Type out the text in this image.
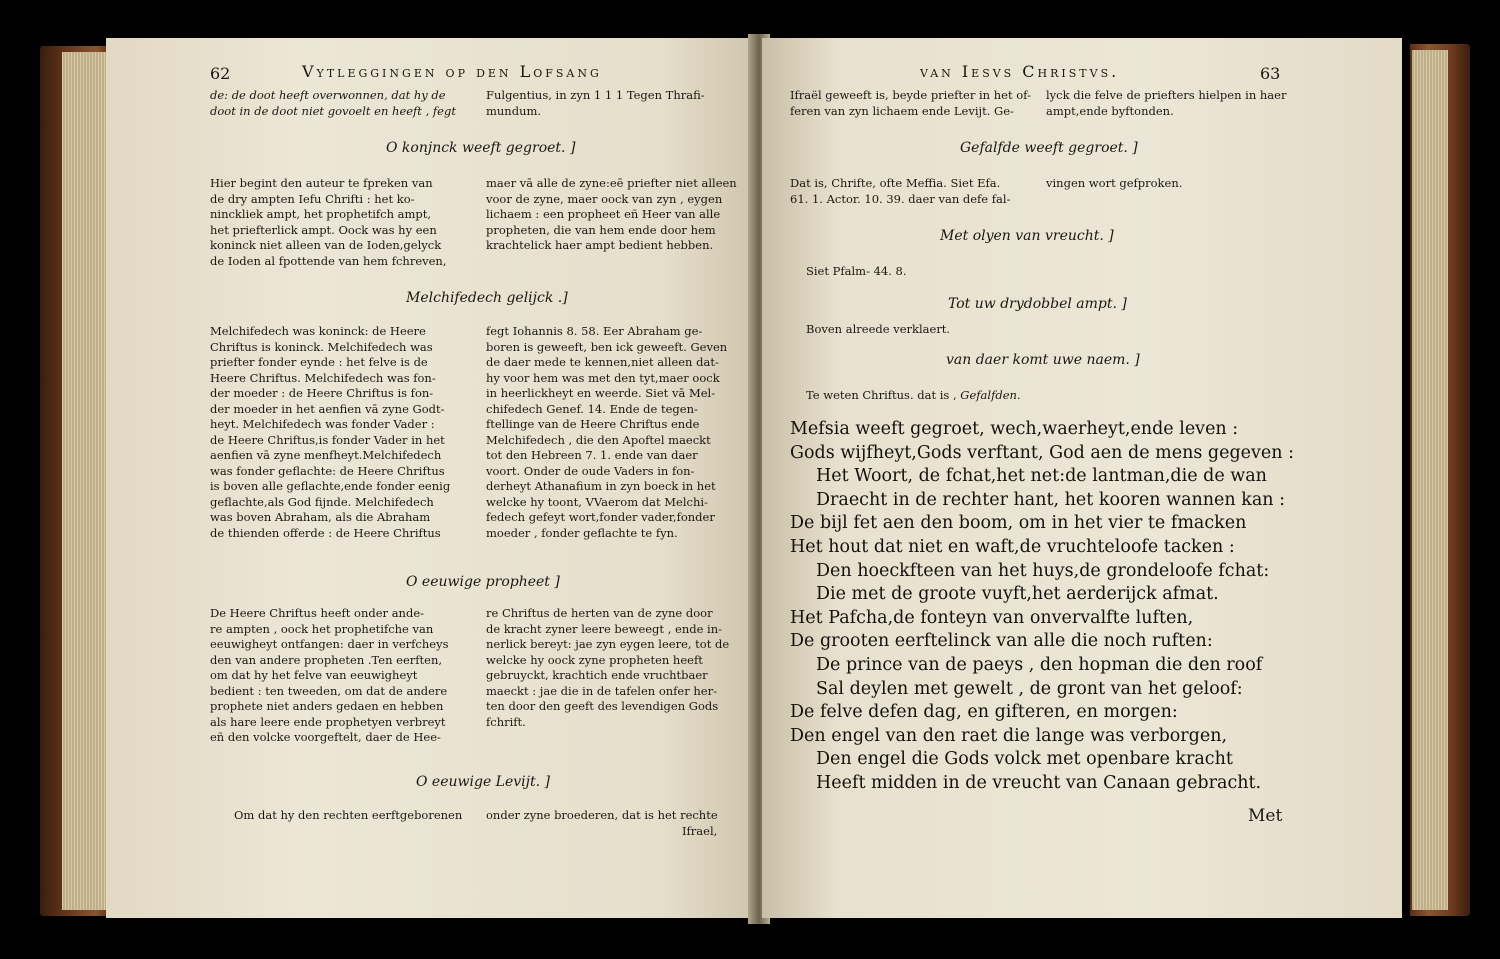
62	Vytleggingen op den Lofsang
de: de doot heeft overwonnen, dat hy de
doot in de doot niet govoelt en heeft , fegt
Fulgentius, in zyn 1 1 1 Tegen Thrafi-
mundum.
O konjnck weeft gegroet. ]
Hier begint den auteur te fpreken van
de dry ampten Iefu Chrifti : het ko-
ninckliek ampt, het prophetifch ampt,
het priefterlick ampt. Oock was hy een
koninck niet alleen van de Ioden,gelyck
de Ioden al fpottende van hem fchreven,
maer vā alle de zyne:eē priefter niet alleen
voor de zyne, maer oock van zyn , eygen
lichaem : een propheet eñ Heer van alle
propheten, die van hem ende door hem
krachtelick haer ampt bedient hebben.
Melchifedech gelijck .]
Melchifedech was koninck: de Heere
Chriftus is koninck. Melchifedech was
priefter fonder eynde : het felve is de
Heere Chriftus. Melchifedech was fon-
der moeder : de Heere Chriftus is fon-
der moeder in het aenfien vā zyne Godt-
heyt. Melchifedech was fonder Vader :
de Heere Chriftus,is fonder Vader in het
aenfien vā zyne menfheyt.Melchifedech
was fonder geflachte: de Heere Chriftus
is boven alle geflachte,ende fonder eenig
geflachte,als God fijnde. Melchifedech
was boven Abraham, als die Abraham
de thienden offerde : de Heere Chriftus
fegt Iohannis 8. 58. Eer Abraham ge-
boren is geweeft, ben ick geweeft. Geven
de daer mede te kennen,niet alleen dat-
hy voor hem was met den tyt,maer oock
in heerlickheyt en weerde. Siet vā Mel-
chifedech Genef. 14. Ende de tegen-
ftellinge van de Heere Chriftus ende
Melchifedech , die den Apoftel maeckt
tot den Hebreen 7. 1. ende van daer
voort. Onder de oude Vaders in fon-
derheyt Athanafium in zyn boeck in het
welcke hy toont, VVaerom dat Melchi-
fedech gefeyt wort,fonder vader,fonder
moeder , fonder geflachte te fyn.
O eeuwige propheet ]
De Heere Chriftus heeft onder ande-
re ampten , oock het prophetifche van
eeuwigheyt ontfangen: daer in verfcheys
den van andere propheten .Ten eerften,
om dat hy het felve van eeuwigheyt
bedient : ten tweeden, om dat de andere
prophete niet anders gedaen en hebben
als hare leere ende prophetyen verbreyt
eñ den volcke voorgeftelt, daer de Hee-
re Chriftus de herten van de zyne door
de kracht zyner leere beweegt , ende in-
nerlick bereyt: jae zyn eygen leere, tot de
welcke hy oock zyne propheten heeft
gebruyckt, krachtich ende vruchtbaer
maeckt : jae die in de tafelen onfer her-
ten door den geeft des levendigen Gods
fchrift.
O eeuwige Levijt. ]
Om dat hy den rechten eerftgeborenen onder zyne broederen, dat is het rechte
Ifrael,
van Iesvs Christvs.	63
Ifraël geweeft is, beyde priefter in het of-
feren van zyn lichaem ende Levijt. Ge-
lyck die felve de priefters hielpen in haer
ampt,ende byftonden.
Gefalfde weeft gegroet. ]
Dat is, Chrifte, ofte Meffia. Siet Efa.
61. 1. Actor. 10. 39. daer van defe fal-
vingen wort gefproken.
Met olyen van vreucht. ]
Siet Pfalm- 44. 8.
Tot uw drydobbel ampt. ]
Boven alreede verklaert.
van daer komt uwe naem. ]
Te weten Chriftus. dat is , Gefalfden.
Mefsia weeft gegroet, wech,waerheyt,ende leven :
Gods wijfheyt,Gods verftant, God aen de mens gegeven :
Het Woort, de fchat,het net:de lantman,die de wan
Draecht in de rechter hant, het kooren wannen kan :
De bijl fet aen den boom, om in het vier te fmacken
Het hout dat niet en waft,de vruchteloofe tacken :
Den hoeckfteen van het huys,de grondeloofe fchat:
Die met de groote vuyft,het aerderijck afmat.
Het Pafcha,de fonteyn van onvervalfte luften,
De grooten eerftelinck van alle die noch ruften:
De prince van de paeys , den hopman die den roof
Sal deylen met gewelt , de gront van het geloof:
De felve defen dag, en gifteren, en morgen:
Den engel van den raet die lange was verborgen,
Den engel die Gods volck met openbare kracht
Heeft midden in de vreucht van Canaan gebracht.
Met
